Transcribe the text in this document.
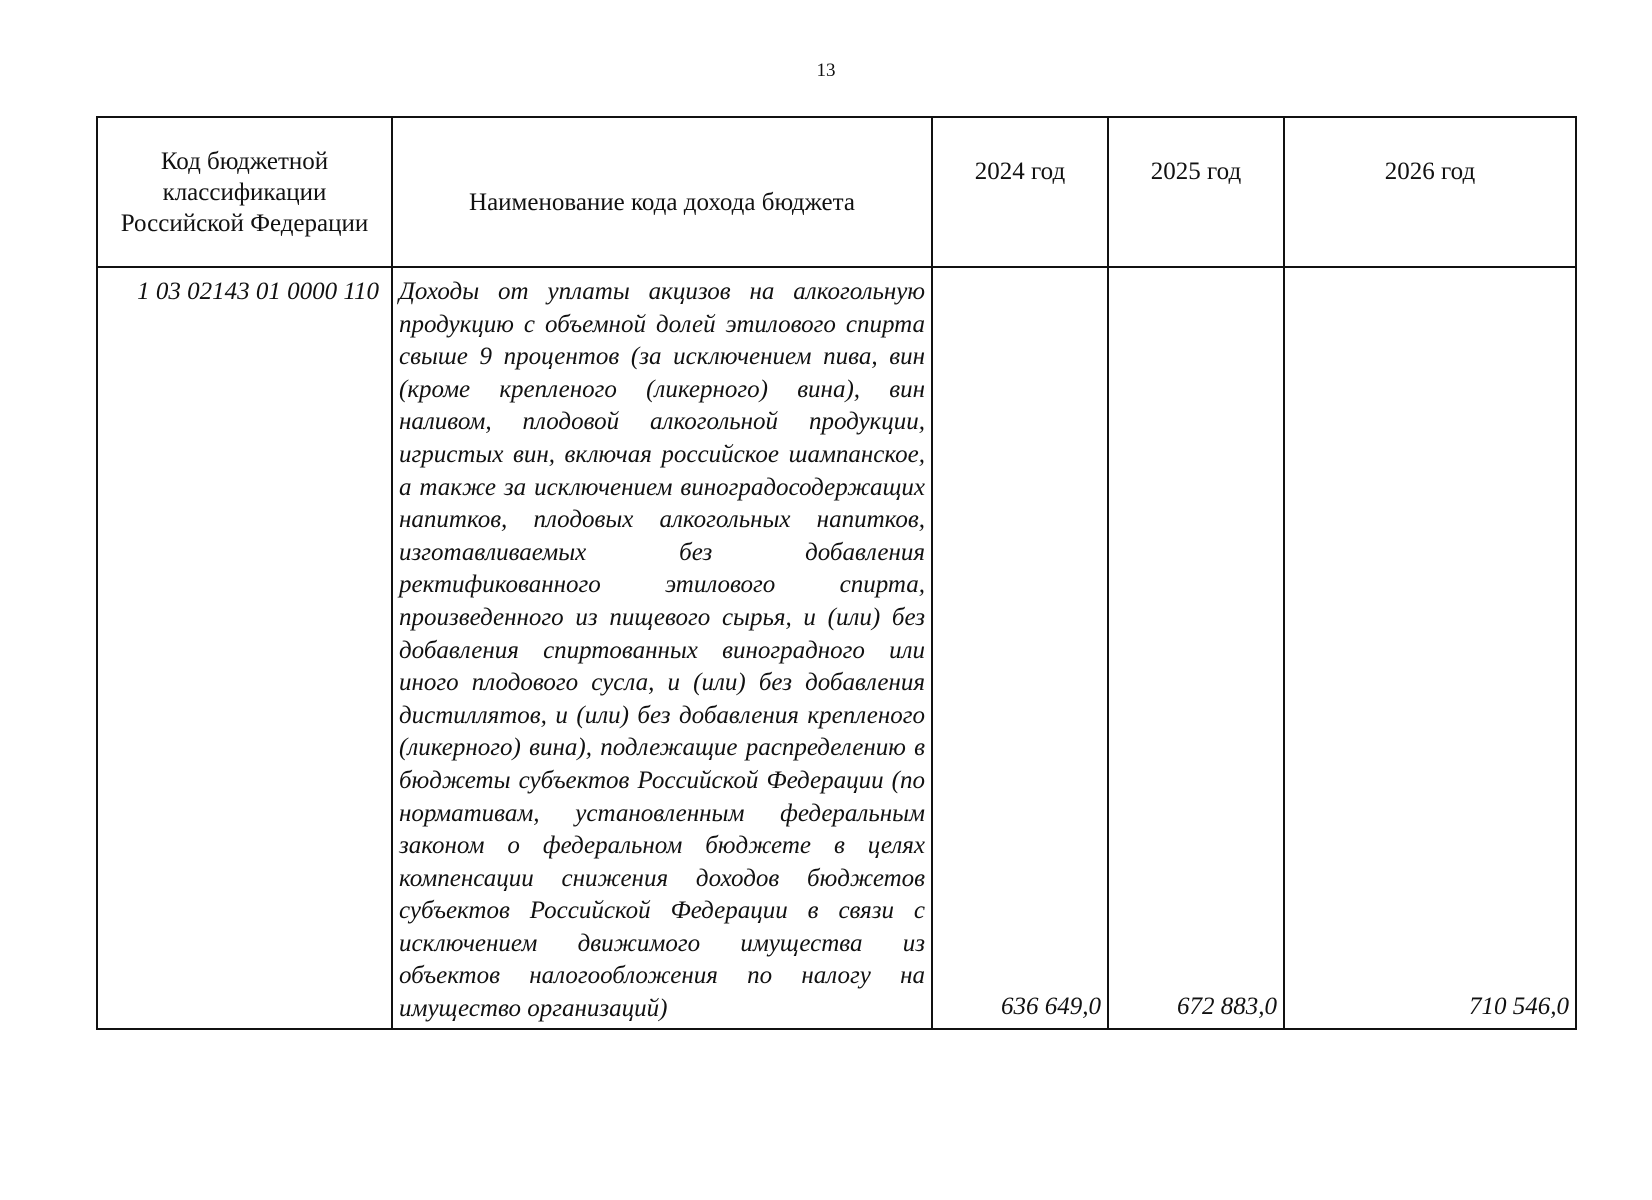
13
Код бюджетной классификации Российской Федерации	Наименование кода дохода бюджета	2024 год	2025 год	2026 год
1 03 02143 01 0000 110	Доходы от уплаты акцизов на алкогольную продукцию с объемной долей этилового спирта свыше 9 процентов (за исключением пива, вин (кроме крепленого (ликерного) вина), вин наливом, плодовой алкогольной продукции, игристых вин, включая российское шампанское, а также за исключением виноградосодержащих напитков, плодовых алкогольных напитков, изготавливаемых без добавления ректификованного этилового спирта, произведенного из пищевого сырья, и (или) без добавления спиртованных виноградного или иного плодового сусла, и (или) без добавления дистиллятов, и (или) без добавления крепленого (ликерного) вина), подлежащие распределению в бюджеты субъектов Российской Федерации (по нормативам, установленным федеральным законом о федеральном бюджете в целях компенсации снижения доходов бюджетов субъектов Российской Федерации в связи с исключением движимого имущества из объектов налогообложения по налогу на имущество организаций)	636 649,0	672 883,0	710 546,0
